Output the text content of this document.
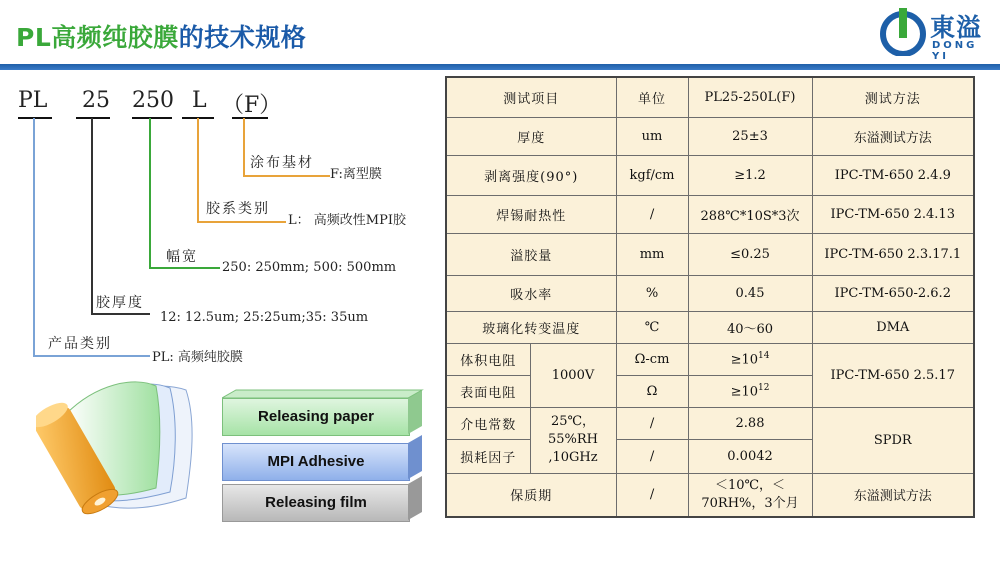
PL高频纯胶膜的技术规格	東溢
DONG YI
PL 25 250 L （F）
涂布基材
F:离型膜
胶系类别
L： 高频改性MPI胶
幅宽
250: 250mm; 500: 500mm
胶厚度
12: 12.5um; 25:25um;35: 35um
产品类别
PL: 高频纯胶膜
Releasing paper
MPI Adhesive
Releasing film
测试项目		单位	PL25-250L(F)	测试方法
厚度		um	25±3	东溢测试方法
剥离强度(90°)		kgf/cm	≥1.2	IPC-TM-650 2.4.9
焊锡耐热性		/	288℃*10S*3次	IPC-TM-650 2.4.13
溢胶量		mm	≤0.25	IPC-TM-650 2.3.17.1
吸水率		%	0.45	IPC-TM-650-2.6.2
玻璃化转变温度		℃	40～60	DMA
体积电阻	1000V	Ω-cm	$\ge 10^{14}$	IPC-TM-650 2.5.17
表面电阻		Ω	$\ge 10^{12}$
介电常数	25℃，
55%RH
,10GHz	/	2.88	SPDR
损耗因子		/	0.0042	
保质期		/	＜10℃，＜
70RH%，3个月	东溢测试方法
